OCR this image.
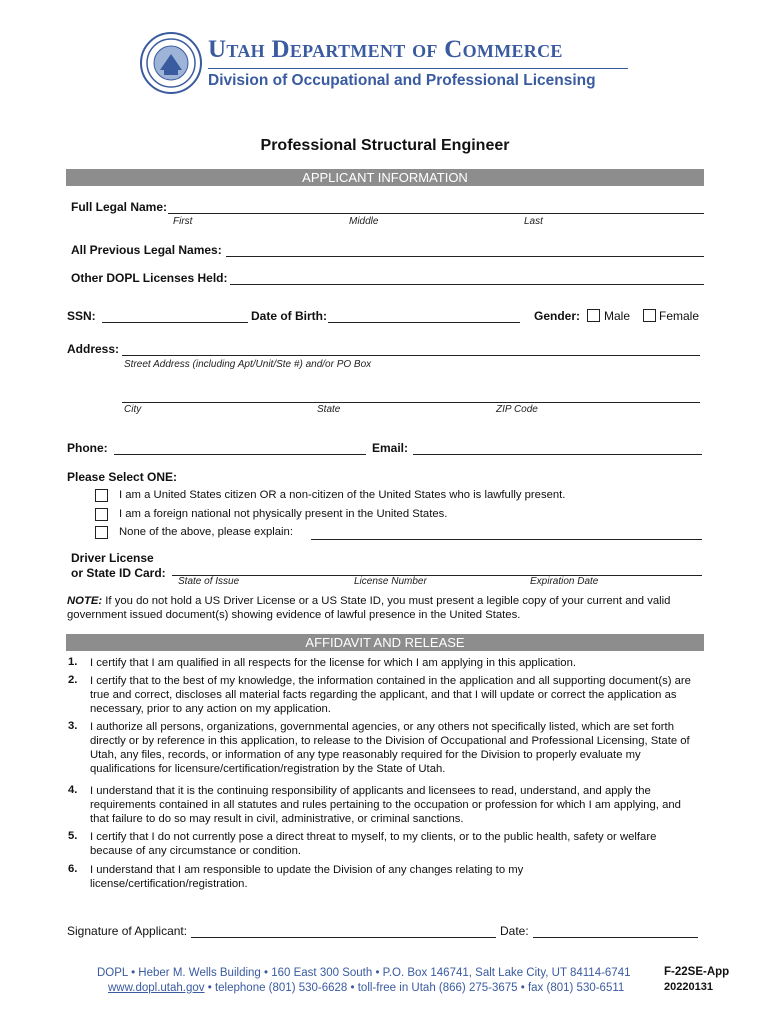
Utah Department of Commerce
Division of Occupational and Professional Licensing
Professional Structural Engineer
APPLICANT INFORMATION
Full Legal Name:
First	Middle	Last
All Previous Legal Names:
Other DOPL Licenses Held:
SSN:	Date of Birth:	Gender: Male Female
Address:
Street Address (including Apt/Unit/Ste #) and/or PO Box
City	State	ZIP Code
Phone:	Email:
Please Select ONE:
I am a United States citizen OR a non-citizen of the United States who is lawfully present.
I am a foreign national not physically present in the United States.
None of the above, please explain:
Driver License
or State ID Card:
State of Issue	License Number	Expiration Date
NOTE: If you do not hold a US Driver License or a US State ID, you must present a legible copy of your current and valid
government issued document(s) showing evidence of lawful presence in the United States.
AFFIDAVIT AND RELEASE
1. I certify that I am qualified in all respects for the license for which I am applying in this application.
2. I certify that to the best of my knowledge, the information contained in the application and all supporting document(s) are true and correct, discloses all material facts regarding the applicant, and that I will update or correct the application as necessary, prior to any action on my application.
3. I authorize all persons, organizations, governmental agencies, or any others not specifically listed, which are set forth directly or by reference in this application, to release to the Division of Occupational and Professional Licensing, State of Utah, any files, records, or information of any type reasonably required for the Division to properly evaluate my qualifications for licensure/certification/registration by the State of Utah.
4. I understand that it is the continuing responsibility of applicants and licensees to read, understand, and apply the requirements contained in all statutes and rules pertaining to the occupation or profession for which I am applying, and that failure to do so may result in civil, administrative, or criminal sanctions.
5. I certify that I do not currently pose a direct threat to myself, to my clients, or to the public health, safety or welfare because of any circumstance or condition.
6. I understand that I am responsible to update the Division of any changes relating to my license/certification/registration.
Signature of Applicant:	Date:
DOPL • Heber M. Wells Building • 160 East 300 South • P.O. Box 146741, Salt Lake City, UT 84114-6741
www.dopl.utah.gov • telephone (801) 530-6628 • toll-free in Utah (866) 275-3675 • fax (801) 530-6511
F-22SE-App
20220131
